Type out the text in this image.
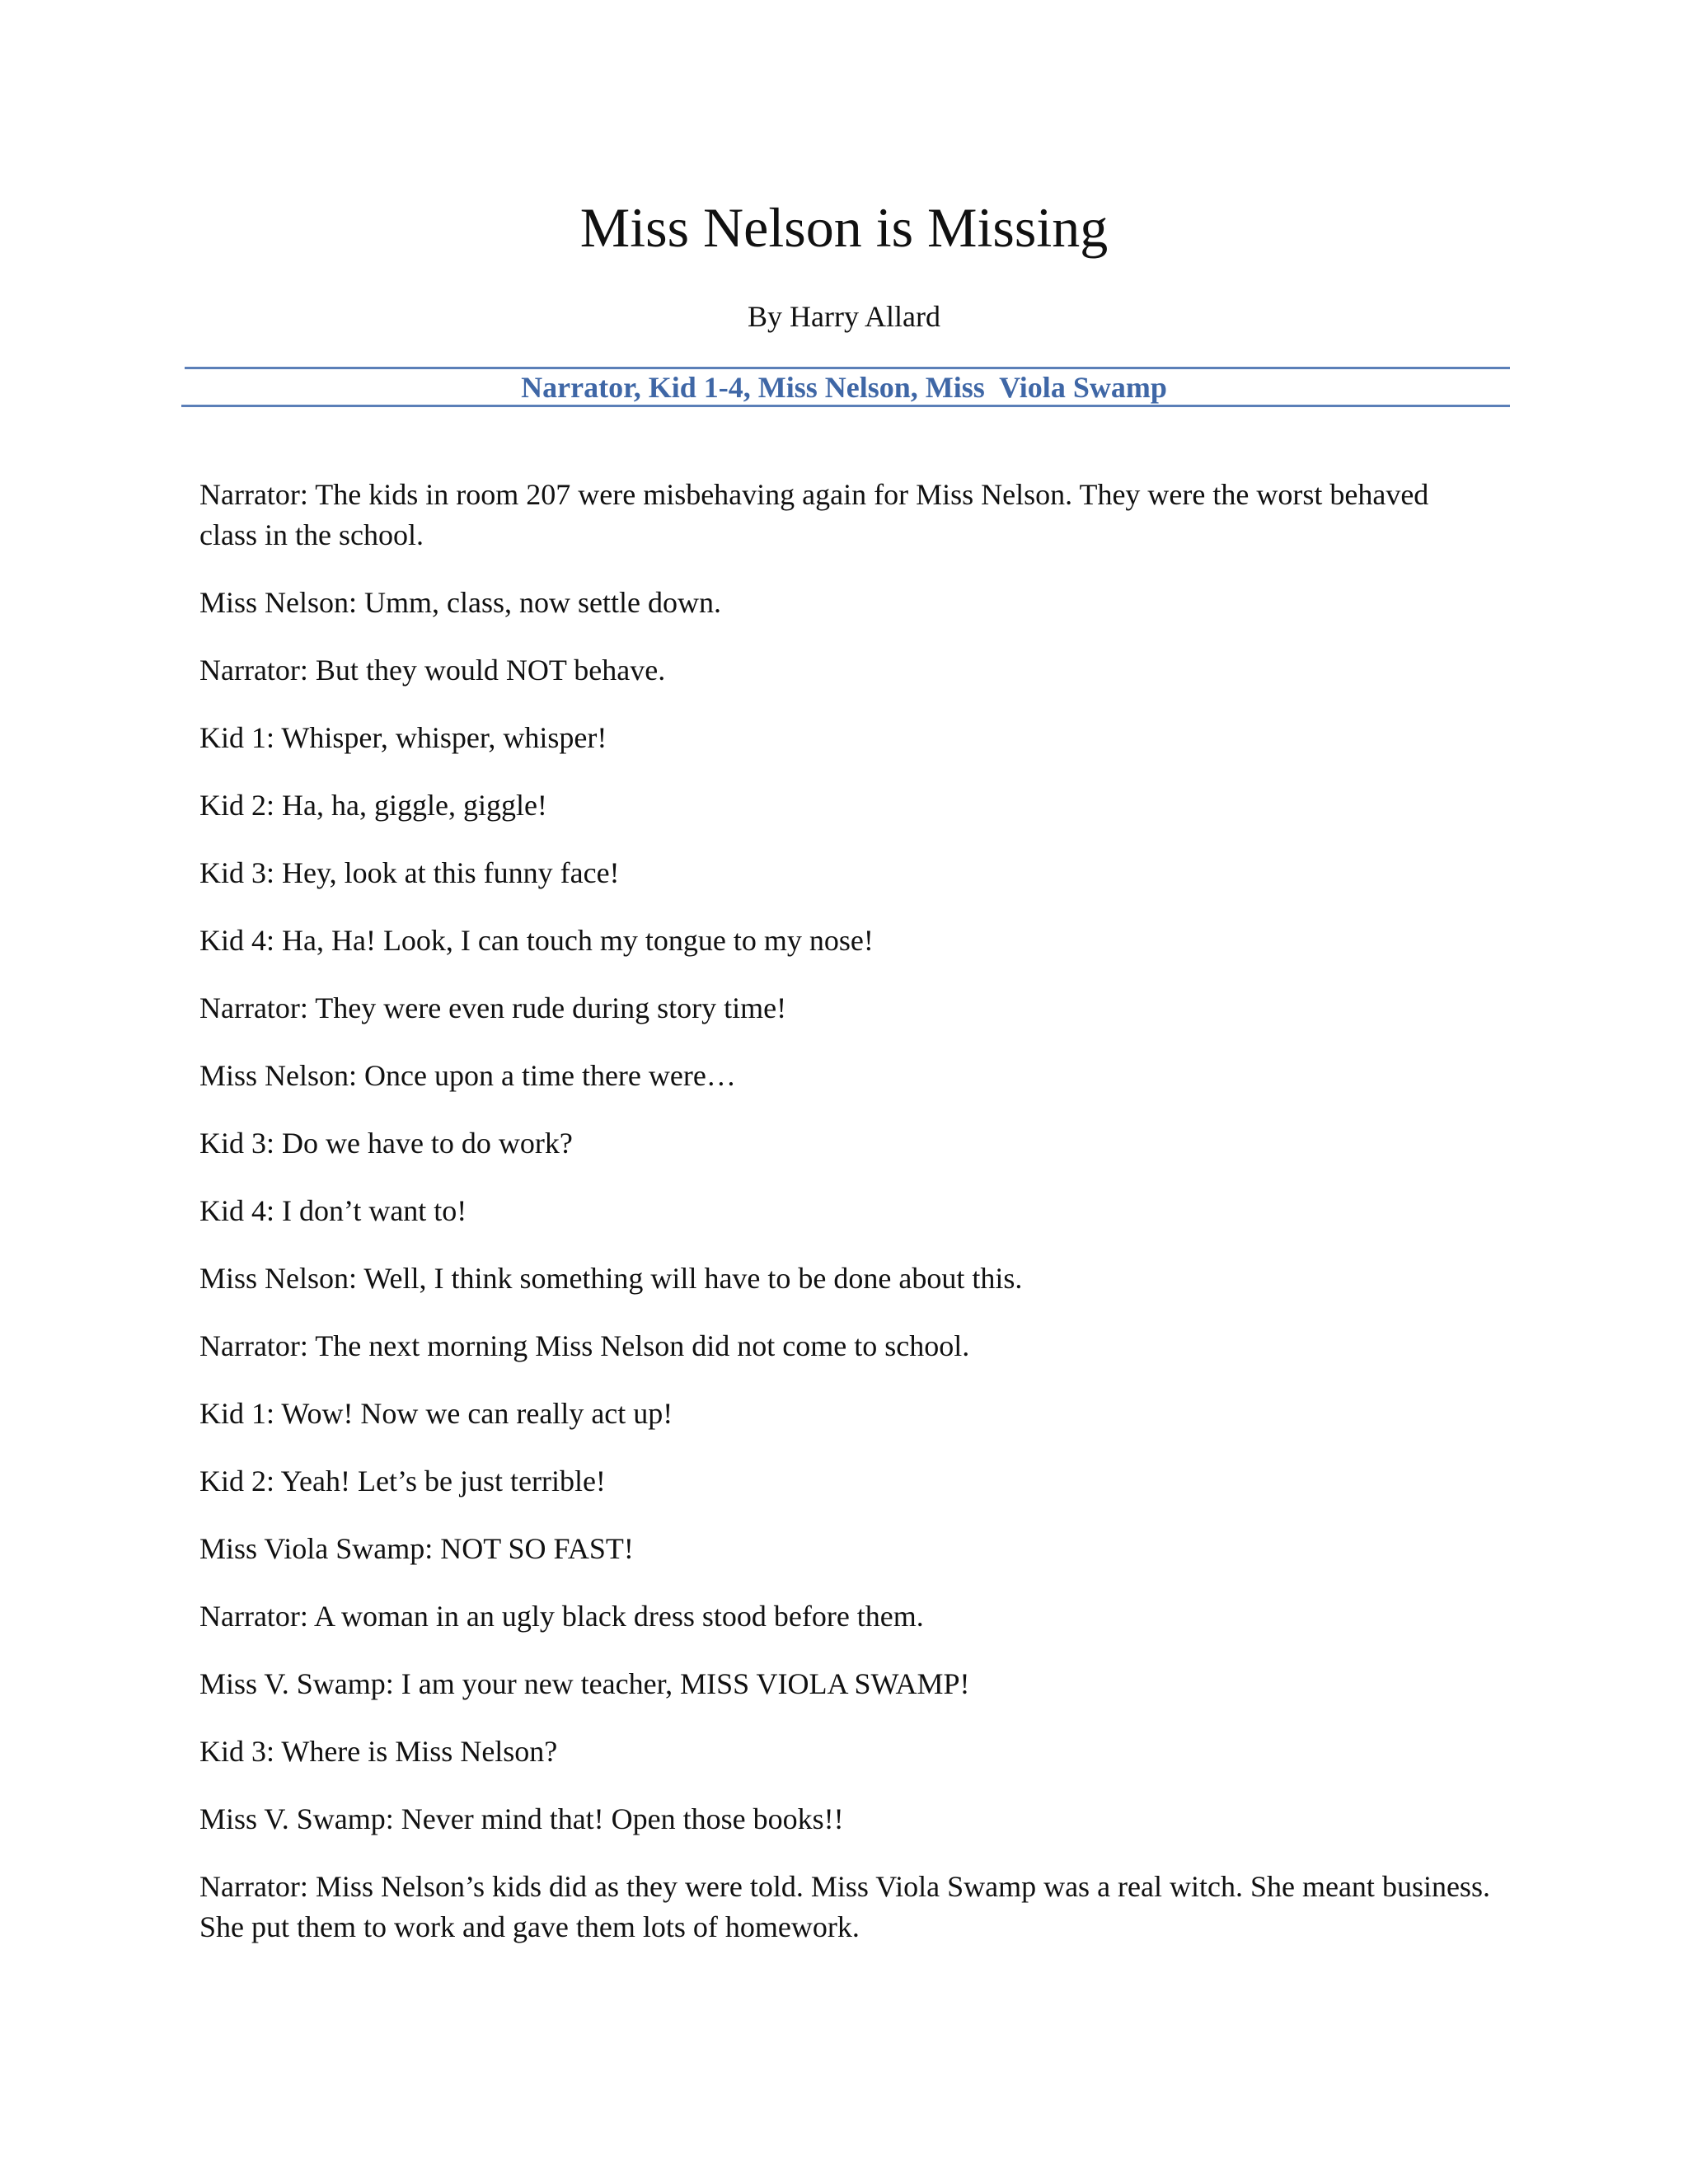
Miss Nelson is Missing
By Harry Allard
Narrator, Kid 1-4, Miss Nelson, Miss  Viola Swamp
Narrator: The kids in room 207 were misbehaving again for Miss Nelson. They were the worst behaved class in the school.
Miss Nelson: Umm, class, now settle down.
Narrator: But they would NOT behave.
Kid 1: Whisper, whisper, whisper!
Kid 2: Ha, ha, giggle, giggle!
Kid 3: Hey, look at this funny face!
Kid 4: Ha, Ha! Look, I can touch my tongue to my nose!
Narrator: They were even rude during story time!
Miss Nelson: Once upon a time there were…
Kid 3: Do we have to do work?
Kid 4: I don’t want to!
Miss Nelson: Well, I think something will have to be done about this.
Narrator: The next morning Miss Nelson did not come to school.
Kid 1: Wow! Now we can really act up!
Kid 2: Yeah! Let’s be just terrible!
Miss Viola Swamp: NOT SO FAST!
Narrator: A woman in an ugly black dress stood before them.
Miss V. Swamp: I am your new teacher, MISS VIOLA SWAMP!
Kid 3: Where is Miss Nelson?
Miss V. Swamp: Never mind that! Open those books!!
Narrator: Miss Nelson’s kids did as they were told. Miss Viola Swamp was a real witch. She meant business. She put them to work and gave them lots of homework.
